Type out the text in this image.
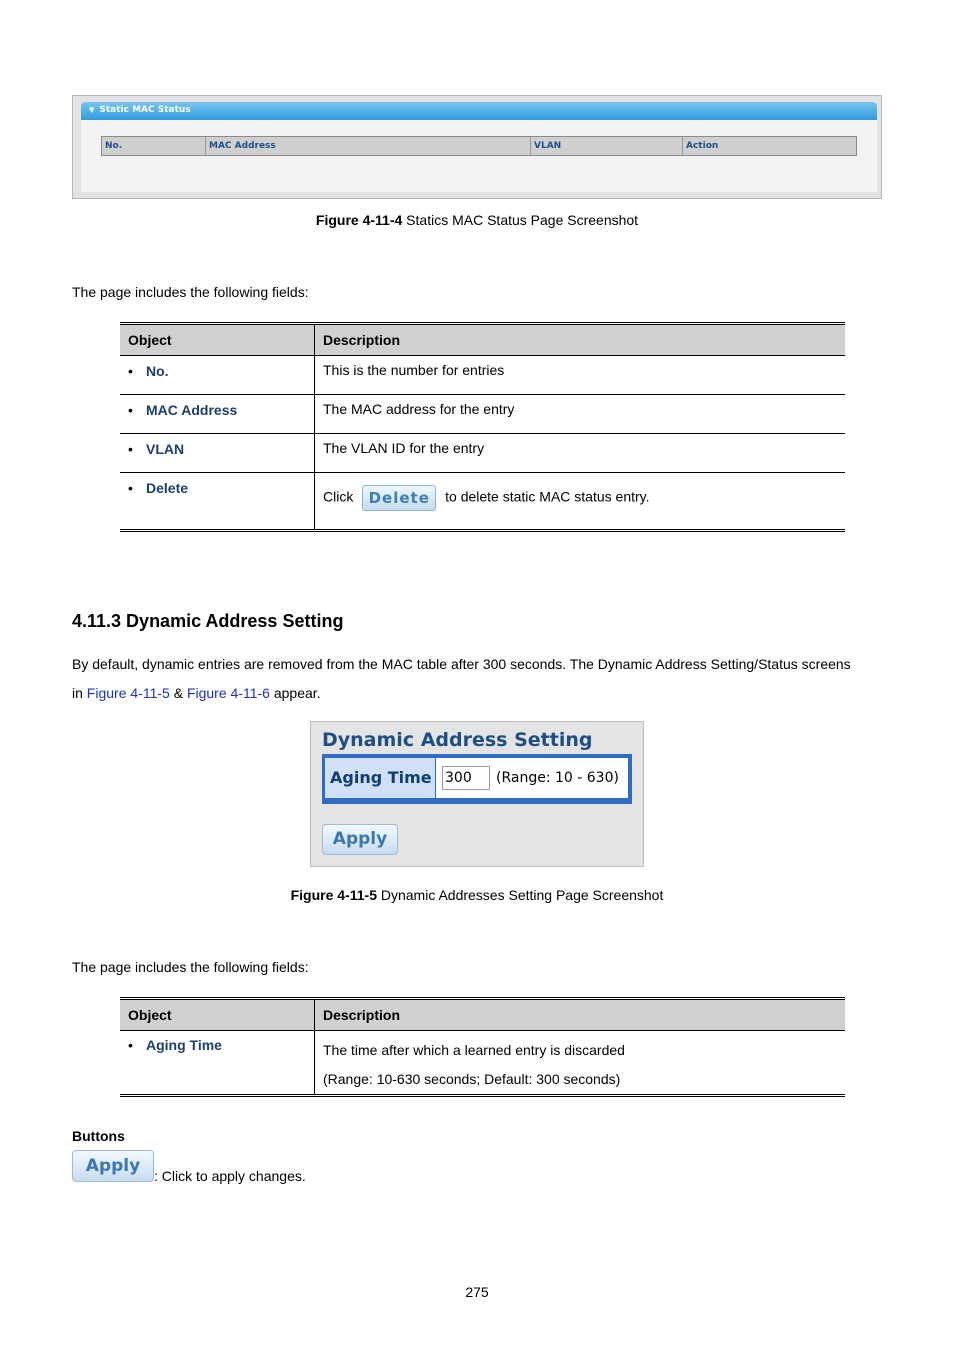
▼ Static MAC Status
No.	MAC Address	VLAN	Action
Figure 4-11-4 Statics MAC Status Page Screenshot
The page includes the following fields:
Object	Description
• No.	This is the number for entries
• MAC Address	The MAC address for the entry
• VLAN	The VLAN ID for the entry
• Delete	Click Delete to delete static MAC status entry.
4.11.3 Dynamic Address Setting
By default, dynamic entries are removed from the MAC table after 300 seconds. The Dynamic Address Setting/Status screens
in Figure 4-11-5 & Figure 4-11-6 appear.
Dynamic Address Setting
Aging Time
300	(Range: 10 - 630)
Apply
Figure 4-11-5 Dynamic Addresses Setting Page Screenshot
The page includes the following fields:
Object	Description
• Aging Time	The time after which a learned entry is discarded
(Range: 10-630 seconds; Default: 300 seconds)
Buttons
Apply : Click to apply changes.
275
